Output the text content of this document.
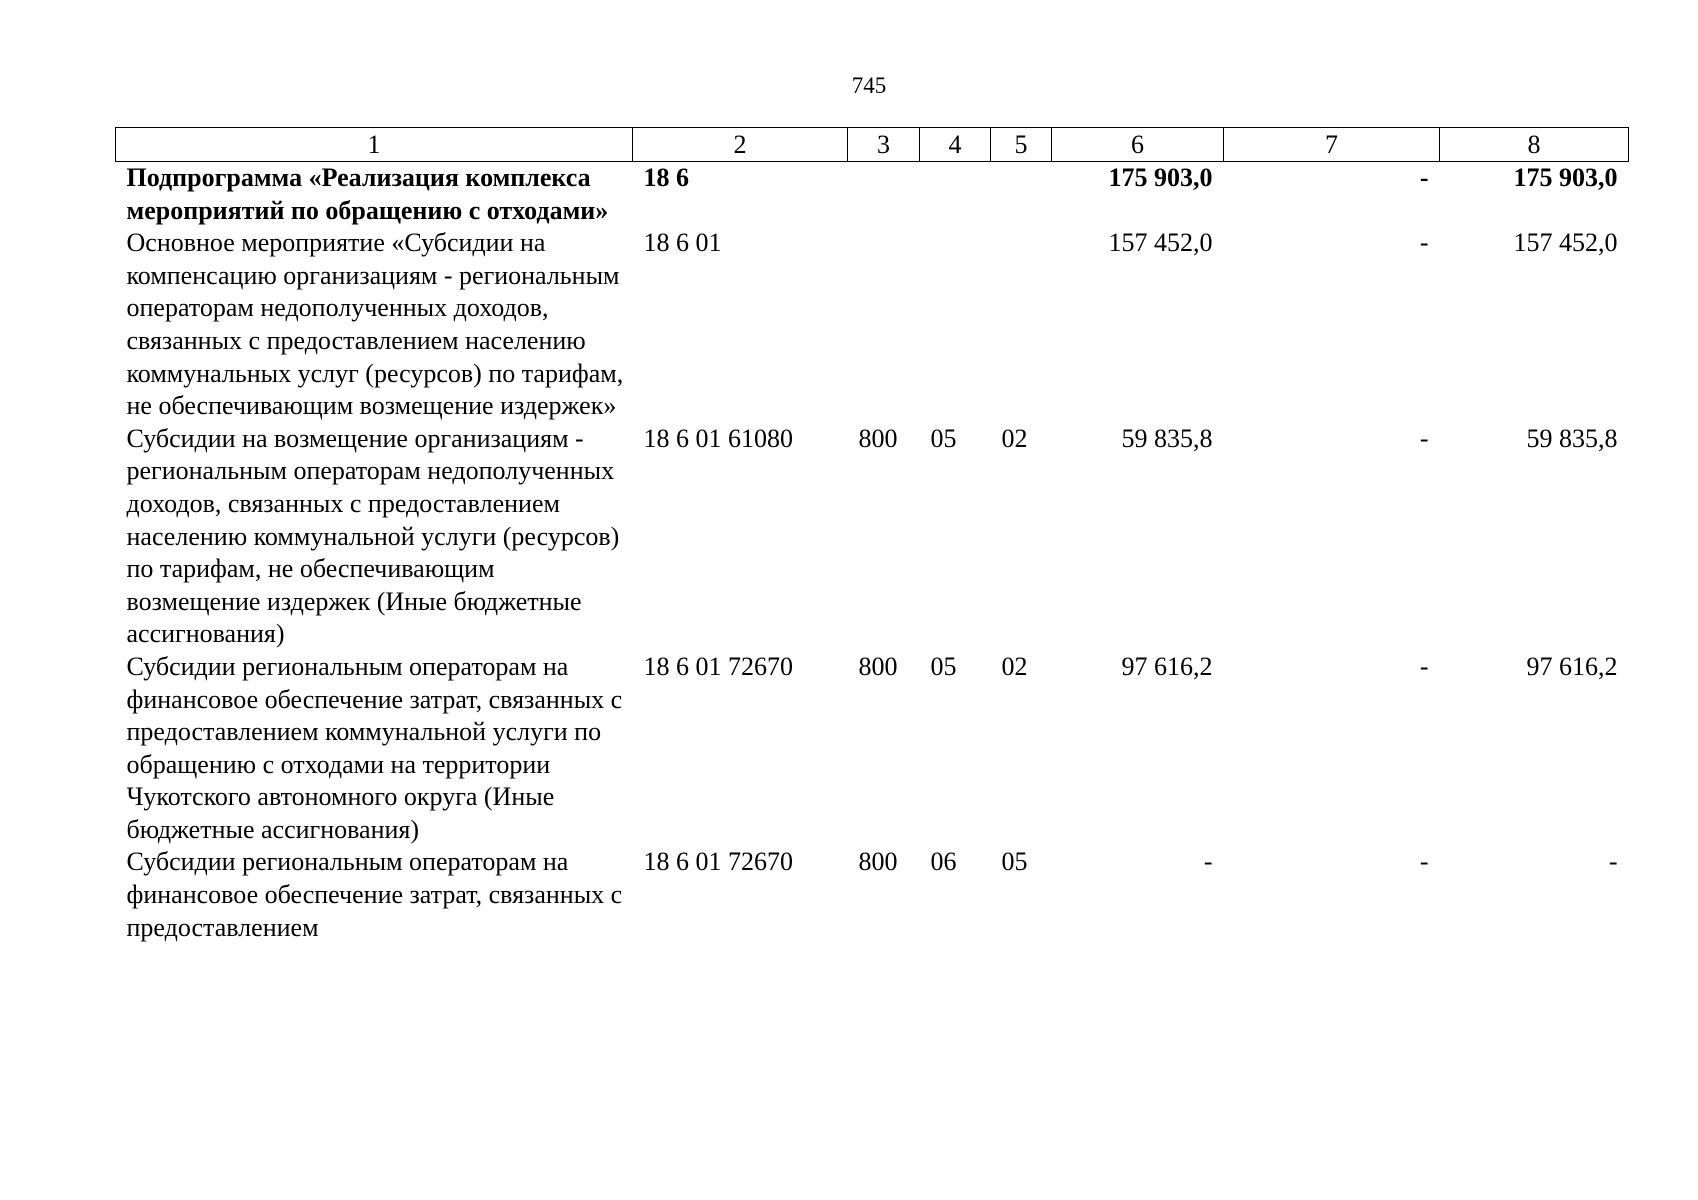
745
1	2	3	4	5	6	7	8
Подпрограмма «Реализация комплекса мероприятий по обращению с отходами»	18 6				175 903,0	-	175 903,0
Основное мероприятие «Субсидии на компенсацию организациям - региональным операторам недополученных доходов, связанных с предоставлением населению коммунальных услуг (ресурсов) по тарифам, не обеспечивающим возмещение издержек»	18 6 01				157 452,0	-	157 452,0
Субсидии на возмещение организациям - региональным операторам недополученных доходов, связанных с предоставлением населению коммунальной услуги (ресурсов) по тарифам, не обеспечивающим возмещение издержек (Иные бюджетные ассигнования)	18 6 01 61080	800	05	02	59 835,8	-	59 835,8
Субсидии региональным операторам на финансовое обеспечение затрат, связанных с предоставлением коммунальной услуги по обращению с отходами на территории Чукотского автономного округа (Иные бюджетные ассигнования)	18 6 01 72670	800	05	02	97 616,2	-	97 616,2
Субсидии региональным операторам на финансовое обеспечение затрат, связанных с предоставлением	18 6 01 72670	800	06	05	-	-	-
